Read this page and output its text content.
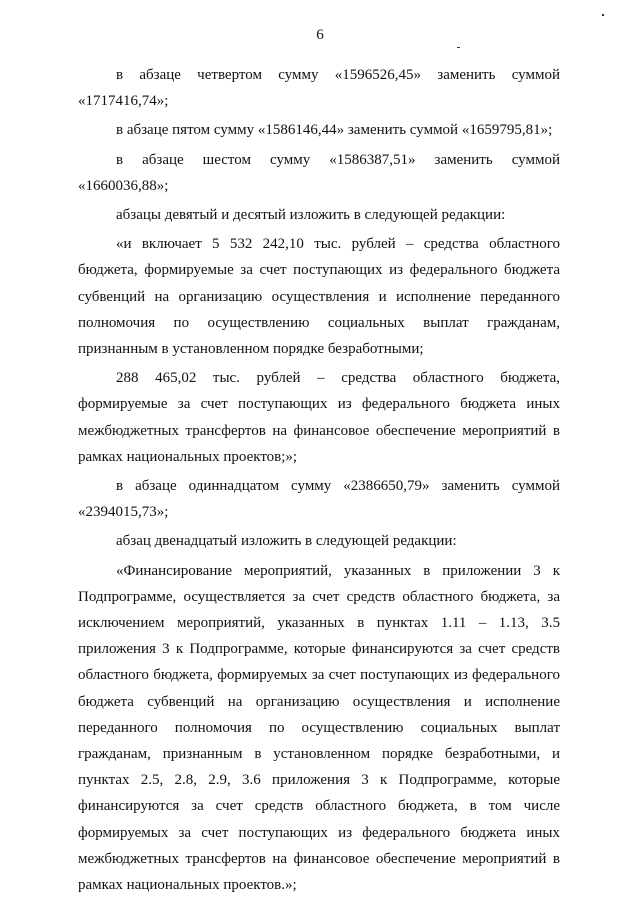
6

в абзаце четвертом сумму «1596526,45» заменить суммой «1717416,74»;

в абзаце пятом сумму «1586146,44» заменить суммой «1659795,81»;

в абзаце шестом сумму «1586387,51» заменить суммой «1660036,88»;

абзацы девятый и десятый изложить в следующей редакции:

«и включает 5 532 242,10 тыс. рублей – средства областного бюджета, формируемые за счет поступающих из федерального бюджета субвенций на организацию осуществления и исполнение переданного полномочия по осуществлению социальных выплат гражданам, признанным в установленном порядке безработными;

288 465,02 тыс. рублей – средства областного бюджета, формируемые за счет поступающих из федерального бюджета иных межбюджетных трансфертов на финансовое обеспечение мероприятий в рамках национальных проектов;»;

в абзаце одиннадцатом сумму «2386650,79» заменить суммой «2394015,73»;

абзац двенадцатый изложить в следующей редакции:

«Финансирование мероприятий, указанных в приложении 3 к Подпрограмме, осуществляется за счет средств областного бюджета, за исключением мероприятий, указанных в пунктах 1.11 – 1.13, 3.5 приложения 3 к Подпрограмме, которые финансируются за счет средств областного бюджета, формируемых за счет поступающих из федерального бюджета субвенций на организацию осуществления и исполнение переданного полномочия по осуществлению социальных выплат гражданам, признанным в установленном порядке безработными, и пунктах 2.5, 2.8, 2.9, 3.6 приложения 3 к Подпрограмме, которые финансируются за счет средств областного бюджета, в том числе формируемых за счет поступающих из федерального бюджета иных межбюджетных трансфертов на финансовое обеспечение мероприятий в рамках национальных проектов.»;
